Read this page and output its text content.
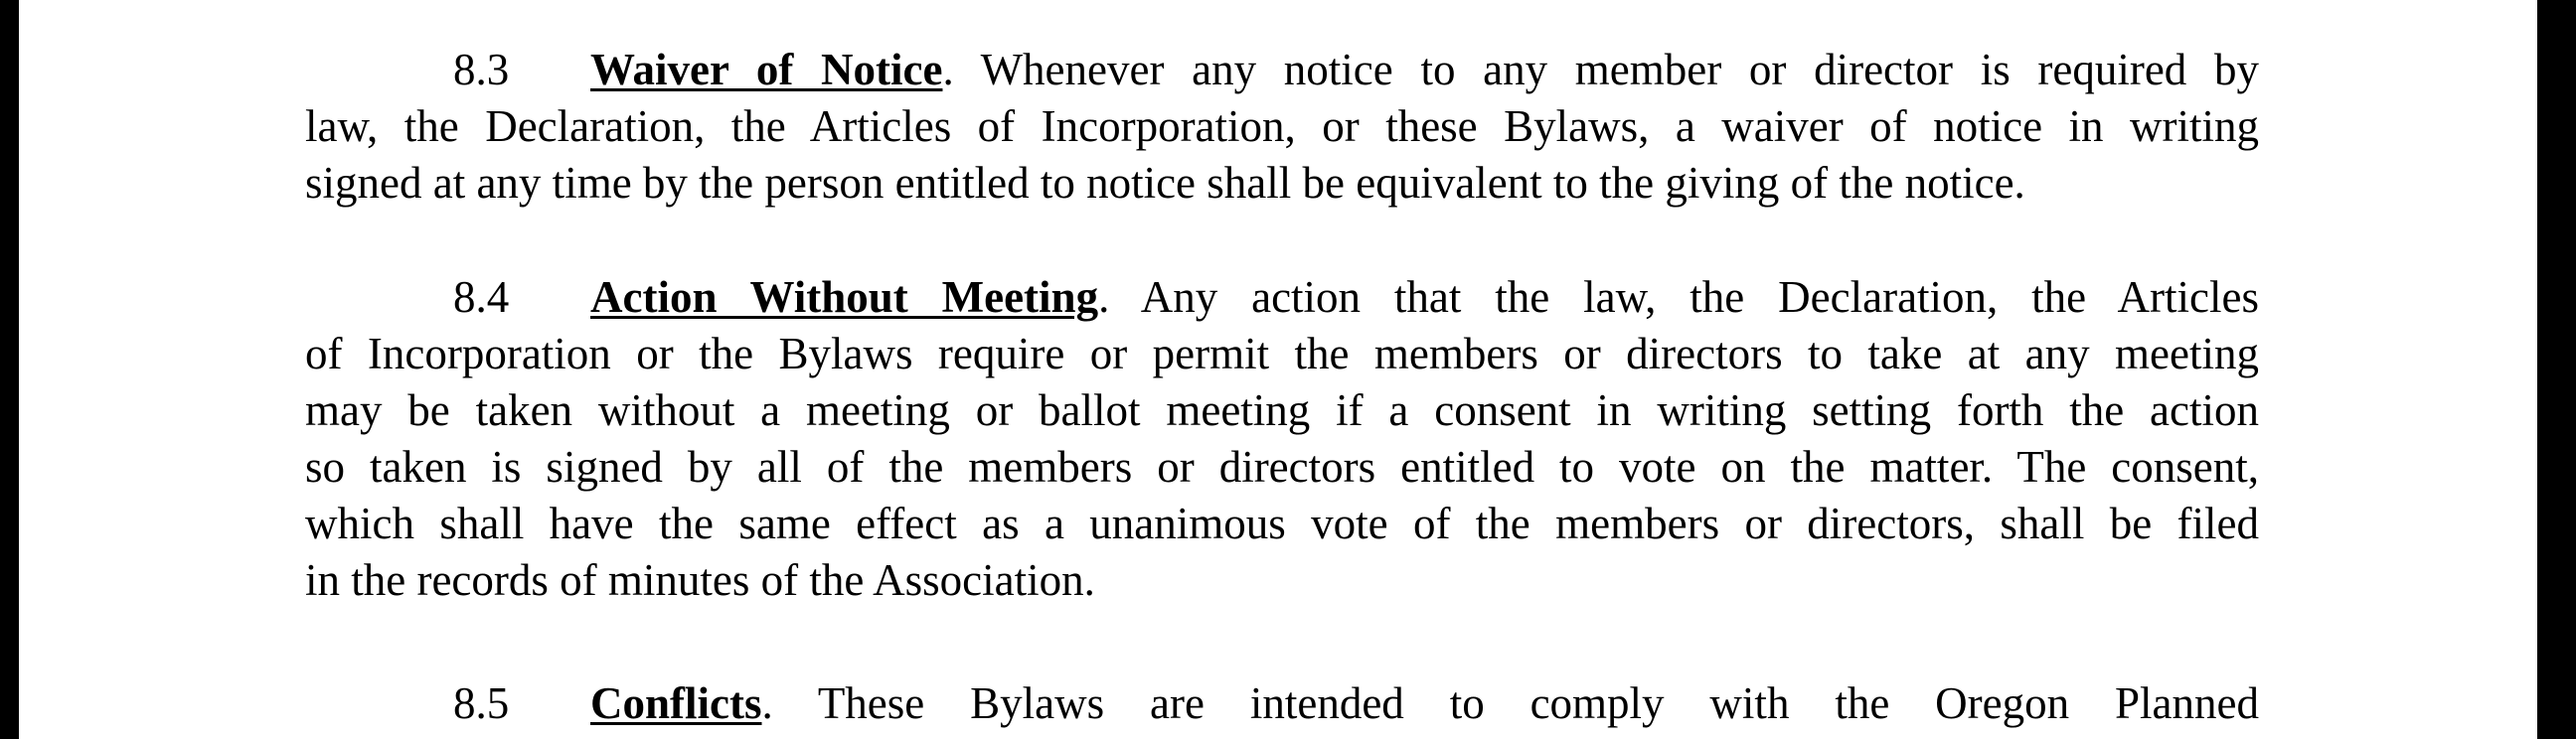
8.3 Waiver of Notice. Whenever any notice to any member or director is required by
law, the Declaration, the Articles of Incorporation, or these Bylaws, a waiver of notice in writing
signed at any time by the person entitled to notice shall be equivalent to the giving of the notice.
8.4 Action Without Meeting. Any action that the law, the Declaration, the Articles
of Incorporation or the Bylaws require or permit the members or directors to take at any meeting
may be taken without a meeting or ballot meeting if a consent in writing setting forth the action
so taken is signed by all of the members or directors entitled to vote on the matter. The consent,
which shall have the same effect as a unanimous vote of the members or directors, shall be filed
in the records of minutes of the Association.
8.5 Conflicts. These Bylaws are intended to comply with the Oregon Planned
